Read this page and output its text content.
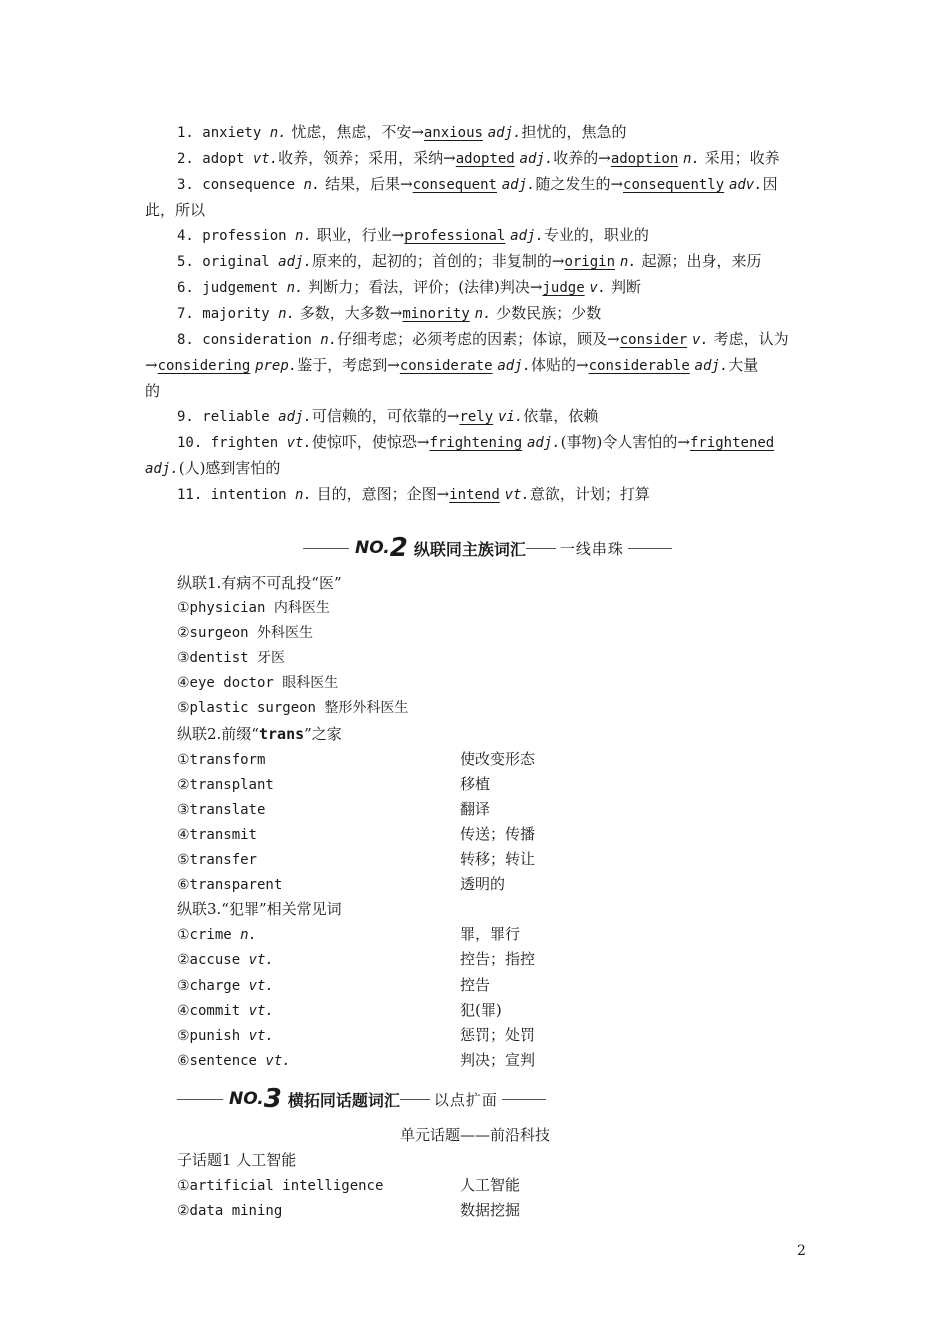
1. anxiety n. 忧虑，焦虑，不安→anxious adj.担忧的，焦急的
2. adopt vt.收养，领养；采用，采纳→adopted adj.收养的→adoption n. 采用；收养
3. consequence n. 结果，后果→consequent adj.随之发生的→consequently adv.因
此，所以
4. profession n. 职业，行业→professional adj.专业的，职业的
5. original adj.原来的，起初的；首创的；非复制的→origin n. 起源；出身，来历
6. judgement n. 判断力；看法，评价；(法律)判决→judge v. 判断
7. majority n. 多数，大多数→minority n. 少数民族；少数
8. consideration n.仔细考虑；必须考虑的因素；体谅，顾及→consider v. 考虑，认为
→considering prep.鉴于，考虑到→considerate adj.体贴的→considerable adj.大量
的
9. reliable adj.可信赖的，可依靠的→rely vi.依靠，依赖
10. frighten vt.使惊吓，使惊恐→frightening adj.(事物)令人害怕的→frightened
adj.(人)感到害怕的
11. intention n. 目的，意图；企图→intend vt.意欲，计划；打算
NO. 2 纵联同主族词汇 一线串珠
纵联1.有病不可乱投“医”
①physician 内科医生
②surgeon 外科医生
③dentist 牙医
④eye doctor 眼科医生
⑤plastic surgeon 整形外科医生
纵联2.前缀“trans”之家
①transform	使改变形态
②transplant	移植
③translate	翻译
④transmit	传送；传播
⑤transfer	转移；转让
⑥transparent	透明的
纵联3.“犯罪”相关常见词
①crime n.	罪，罪行
②accuse vt.	控告；指控
③charge vt.	控告
④commit vt.	犯(罪)
⑤punish vt.	惩罚；处罚
⑥sentence vt.	判决；宣判
NO. 3 横拓同话题词汇 以点扩面
单元话题——前沿科技
子话题1 人工智能
①artificial intelligence	人工智能
②data mining	数据挖掘
2
